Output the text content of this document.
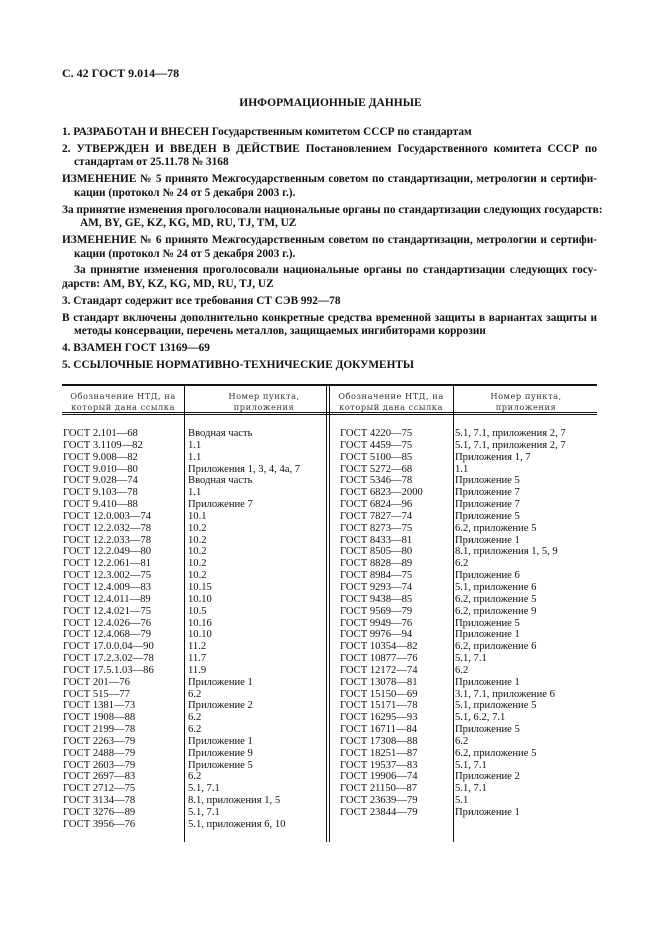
С. 42 ГОСТ 9.014—78
ИНФОРМАЦИОННЫЕ ДАННЫЕ
1. РАЗРАБОТАН И ВНЕСЕН Государственным комитетом СССР по стандартам
2. УТВЕРЖДЕН И ВВЕДЕН В ДЕЙСТВИЕ Постановлением Государственного комитета СССР по
стандартам от 25.11.78 № 3168
ИЗМЕНЕНИЕ № 5 принято Межгосударственным советом по стандартизации, метрологии и сертифи-
кации (протокол № 24 от 5 декабря 2003 г.).
За принятие изменения проголосовали национальные органы по стандартизации следующих государств:
AM, BY, GE, KZ, KG, MD, RU, TJ, TM, UZ
ИЗМЕНЕНИЕ № 6 принято Межгосударственным советом по стандартизации, метрологии и сертифи-
кации (протокол № 24 от 5 декабря 2003 г.).
За принятие изменения проголосовали национальные органы по стандартизации следующих госу-
дарств: AM, BY, KZ, KG, MD, RU, TJ, UZ
3. Стандарт содержит все требования СТ СЭВ 992—78
В стандарт включены дополнительно конкретные средства временной защиты в вариантах защиты и
методы консервации, перечень металлов, защищаемых ингибиторами коррозии
4. ВЗАМЕН ГОСТ 13169—69
5. ССЫЛОЧНЫЕ НОРМАТИВНО-ТЕХНИЧЕСКИЕ ДОКУМЕНТЫ
Обозначение НТД, на который дана ссылка
Номер пункта, приложения
Обозначение НТД, на который дана ссылка
Номер пункта, приложения
ГОСТ 2.101—68
ГОСТ 3.1109—82
ГОСТ 9.008—82
ГОСТ 9.010—80
ГОСТ 9.028—74
ГОСТ 9.103—78
ГОСТ 9.410—88
ГОСТ 12.0.003—74
ГОСТ 12.2.032—78
ГОСТ 12.2.033—78
ГОСТ 12.2.049—80
ГОСТ 12.2.061—81
ГОСТ 12.3.002—75
ГОСТ 12.4.009—83
ГОСТ 12.4.011—89
ГОСТ 12.4.021—75
ГОСТ 12.4.026—76
ГОСТ 12.4.068—79
ГОСТ 17.0.0.04—90
ГОСТ 17.2.3.02—78
ГОСТ 17.5.1.03—86
ГОСТ 201—76
ГОСТ 515—77
ГОСТ 1381—73
ГОСТ 1908—88
ГОСТ 2199—78
ГОСТ 2263—79
ГОСТ 2488—79
ГОСТ 2603—79
ГОСТ 2697—83
ГОСТ 2712—75
ГОСТ 3134—78
ГОСТ 3276—89
ГОСТ 3956—76
Вводная часть
1.1
1.1
Приложения 1, 3, 4, 4а, 7
Вводная часть
1.1
Приложение 7
10.1
10.2
10.2
10.2
10.2
10.2
10.15
10.10
10.5
10.16
10.10
11.2
11.7
11.9
Приложение 1
6.2
Приложение 2
6.2
6.2
Приложение 1
Приложение 9
Приложение 5
6.2
5.1, 7.1
8.1, приложения 1, 5
5.1, 7.1
5.1, приложения 6, 10
ГОСТ 4220—75
ГОСТ 4459—75
ГОСТ 5100—85
ГОСТ 5272—68
ГОСТ 5346—78
ГОСТ 6823—2000
ГОСТ 6824—96
ГОСТ 7827—74
ГОСТ 8273—75
ГОСТ 8433—81
ГОСТ 8505—80
ГОСТ 8828—89
ГОСТ 8984—75
ГОСТ 9293—74
ГОСТ 9438—85
ГОСТ 9569—79
ГОСТ 9949—76
ГОСТ 9976—94
ГОСТ 10354—82
ГОСТ 10877—76
ГОСТ 12172—74
ГОСТ 13078—81
ГОСТ 15150—69
ГОСТ 15171—78
ГОСТ 16295—93
ГОСТ 16711—84
ГОСТ 17308—88
ГОСТ 18251—87
ГОСТ 19537—83
ГОСТ 19906—74
ГОСТ 21150—87
ГОСТ 23639—79
ГОСТ 23844—79
5.1, 7.1, приложения 2, 7
5.1, 7.1, приложения 2, 7
Приложения 1, 7
1.1
Приложение 5
Приложение 7
Приложение 7
Приложение 5
6.2, приложение 5
Приложение 1
8.1, приложения 1, 5, 9
6.2
Приложение 6
5.1, приложение 6
6.2, приложение 5
6.2, приложение 9
Приложение 5
Приложение 1
6.2, приложение 6
5.1, 7.1
6.2
Приложение 1
3.1, 7.1, приложение 6
5.1, приложение 5
5.1, 6.2, 7.1
Приложение 5
6.2
6.2, приложение 5
5.1, 7.1
Приложение 2
5.1, 7.1
5.1
Приложение 1
